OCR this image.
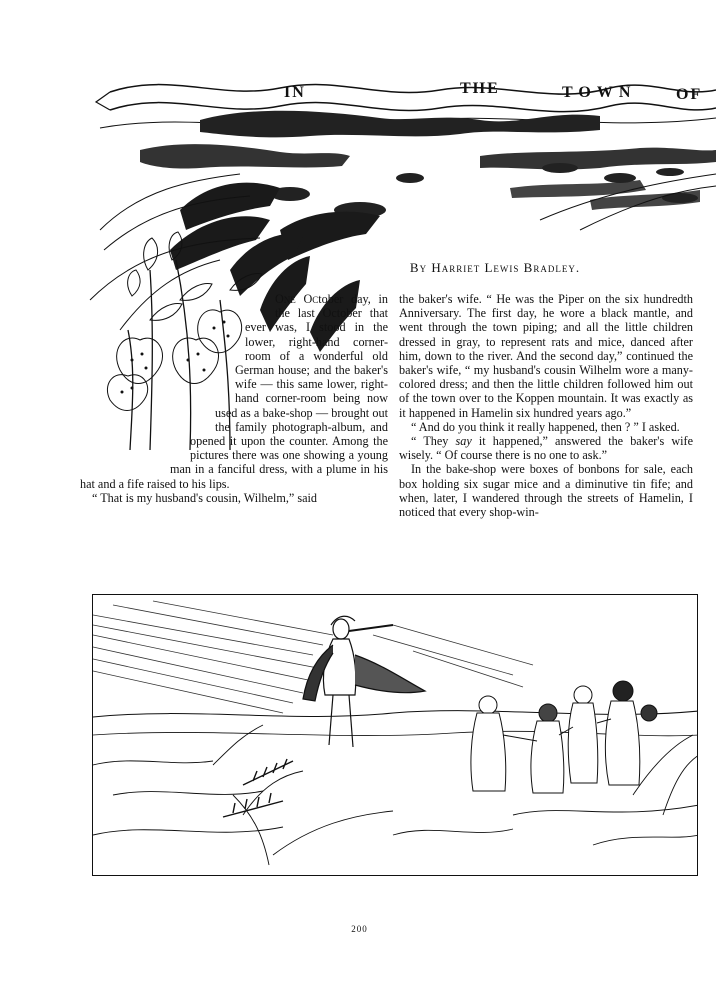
IN	THE	TOWN OF
By Harriet Lewis Bradley.

One October day, in the last October that ever was, I stood in the lower, right-hand corner-room of a wonderful old German house; and the baker's wife — this same lower, right-hand corner-room being now used as a bake-shop — brought out the family photograph-album, and opened it upon the counter. Among the pictures there was one showing a young man in a fanciful dress, with a plume in his hat and a fife raised to his lips.

“ That is my husband's cousin, Wilhelm,” said

the baker's wife. “ He was the Piper on the six hundredth Anniversary. The first day, he wore a black mantle, and went through the town piping; and all the little children dressed in gray, to represent rats and mice, danced after him, down to the river. And the second day,” continued the baker's wife, “ my husband's cousin Wilhelm wore a many-colored dress; and then the little children followed him out of the town over to the Koppen mountain. It was exactly as it happened in Hamelin six hundred years ago.”

“ And do you think it really happened, then ? ” I asked.

“ They say it happened,” answered the baker's wife wisely. “ Of course there is no one to ask.”

In the bake-shop were boxes of bonbons for sale, each box holding six sugar mice and a diminutive tin fife; and when, later, I wandered through the streets of Hamelin, I noticed that every shop-win-

200
